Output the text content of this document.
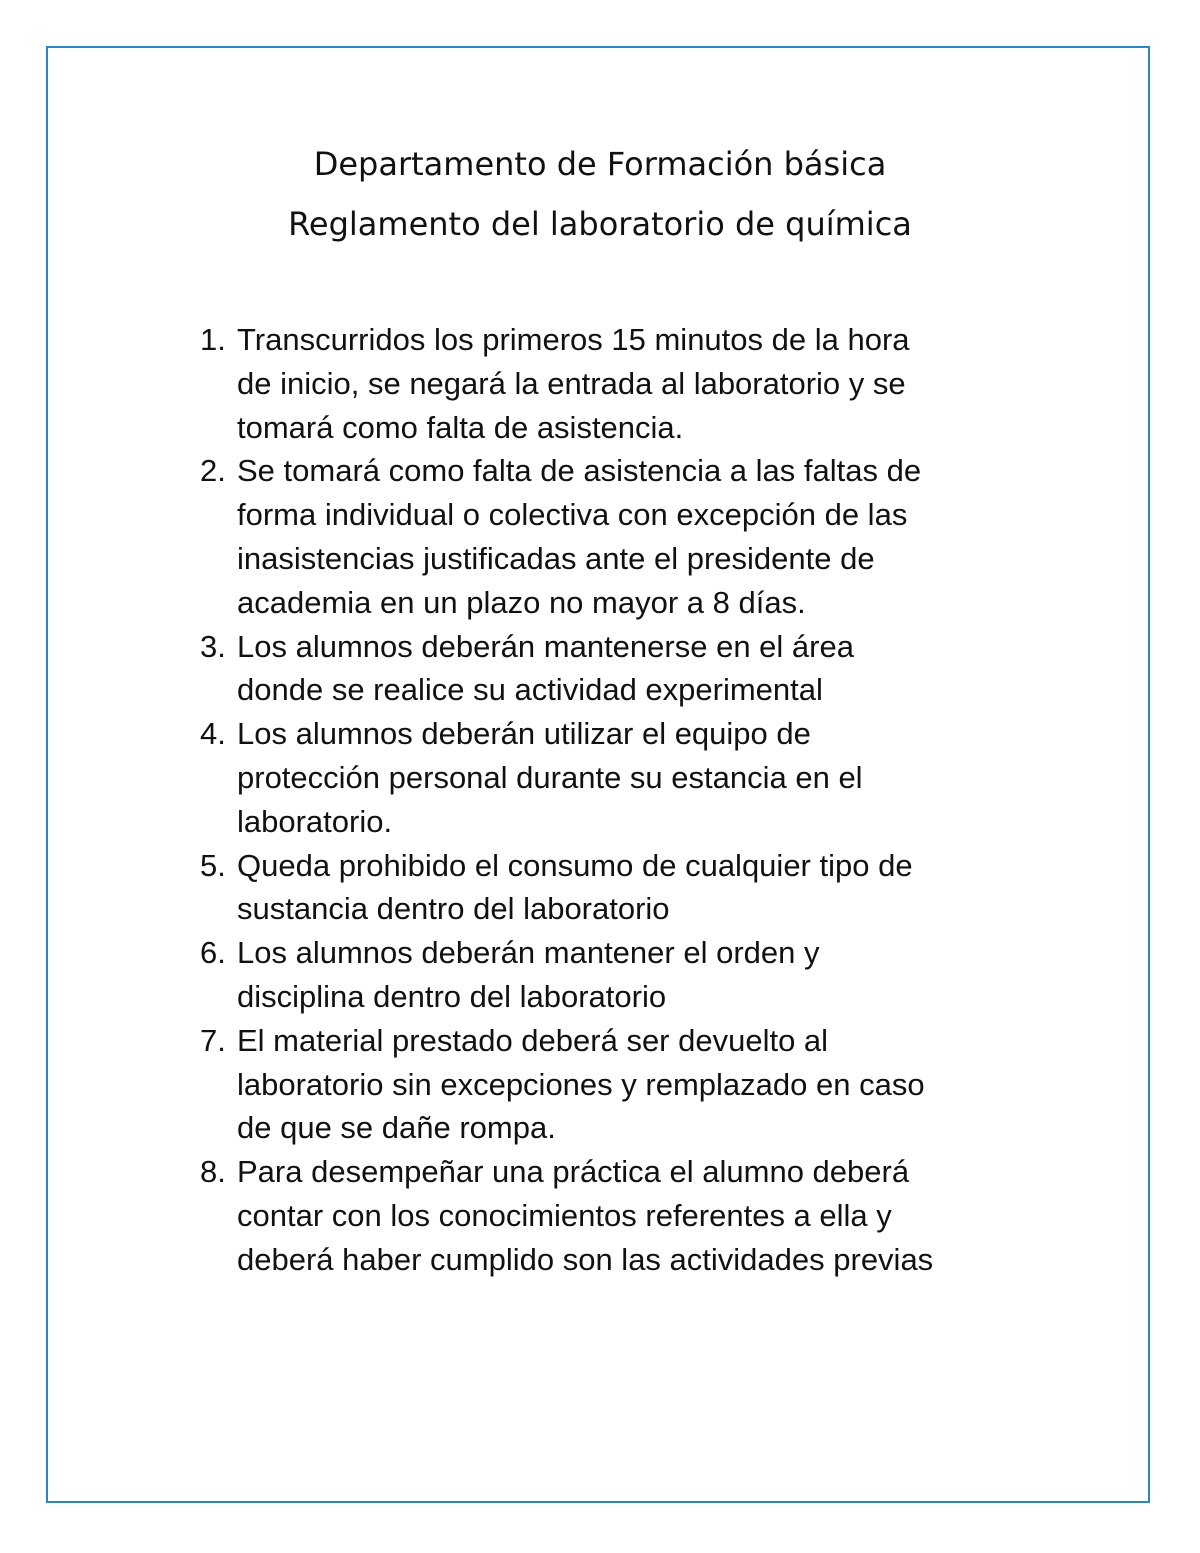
Departamento de Formación básica
Reglamento del laboratorio de química
1. Transcurridos los primeros 15 minutos de la hora
de inicio, se negará la entrada al laboratorio y se
tomará como falta de asistencia.
2. Se tomará como falta de asistencia a las faltas de
forma individual o colectiva con excepción de las
inasistencias justificadas ante el presidente de
academia en un plazo no mayor a 8 días.
3. Los alumnos deberán mantenerse en el área
donde se realice su actividad experimental
4. Los alumnos deberán utilizar el equipo de
protección personal durante su estancia en el
laboratorio.
5. Queda prohibido el consumo de cualquier tipo de
sustancia dentro del laboratorio
6. Los alumnos deberán mantener el orden y
disciplina dentro del laboratorio
7. El material prestado deberá ser devuelto al
laboratorio sin excepciones y remplazado en caso
de que se dañe rompa.
8. Para desempeñar una práctica el alumno deberá
contar con los conocimientos referentes a ella y
deberá haber cumplido son las actividades previas
